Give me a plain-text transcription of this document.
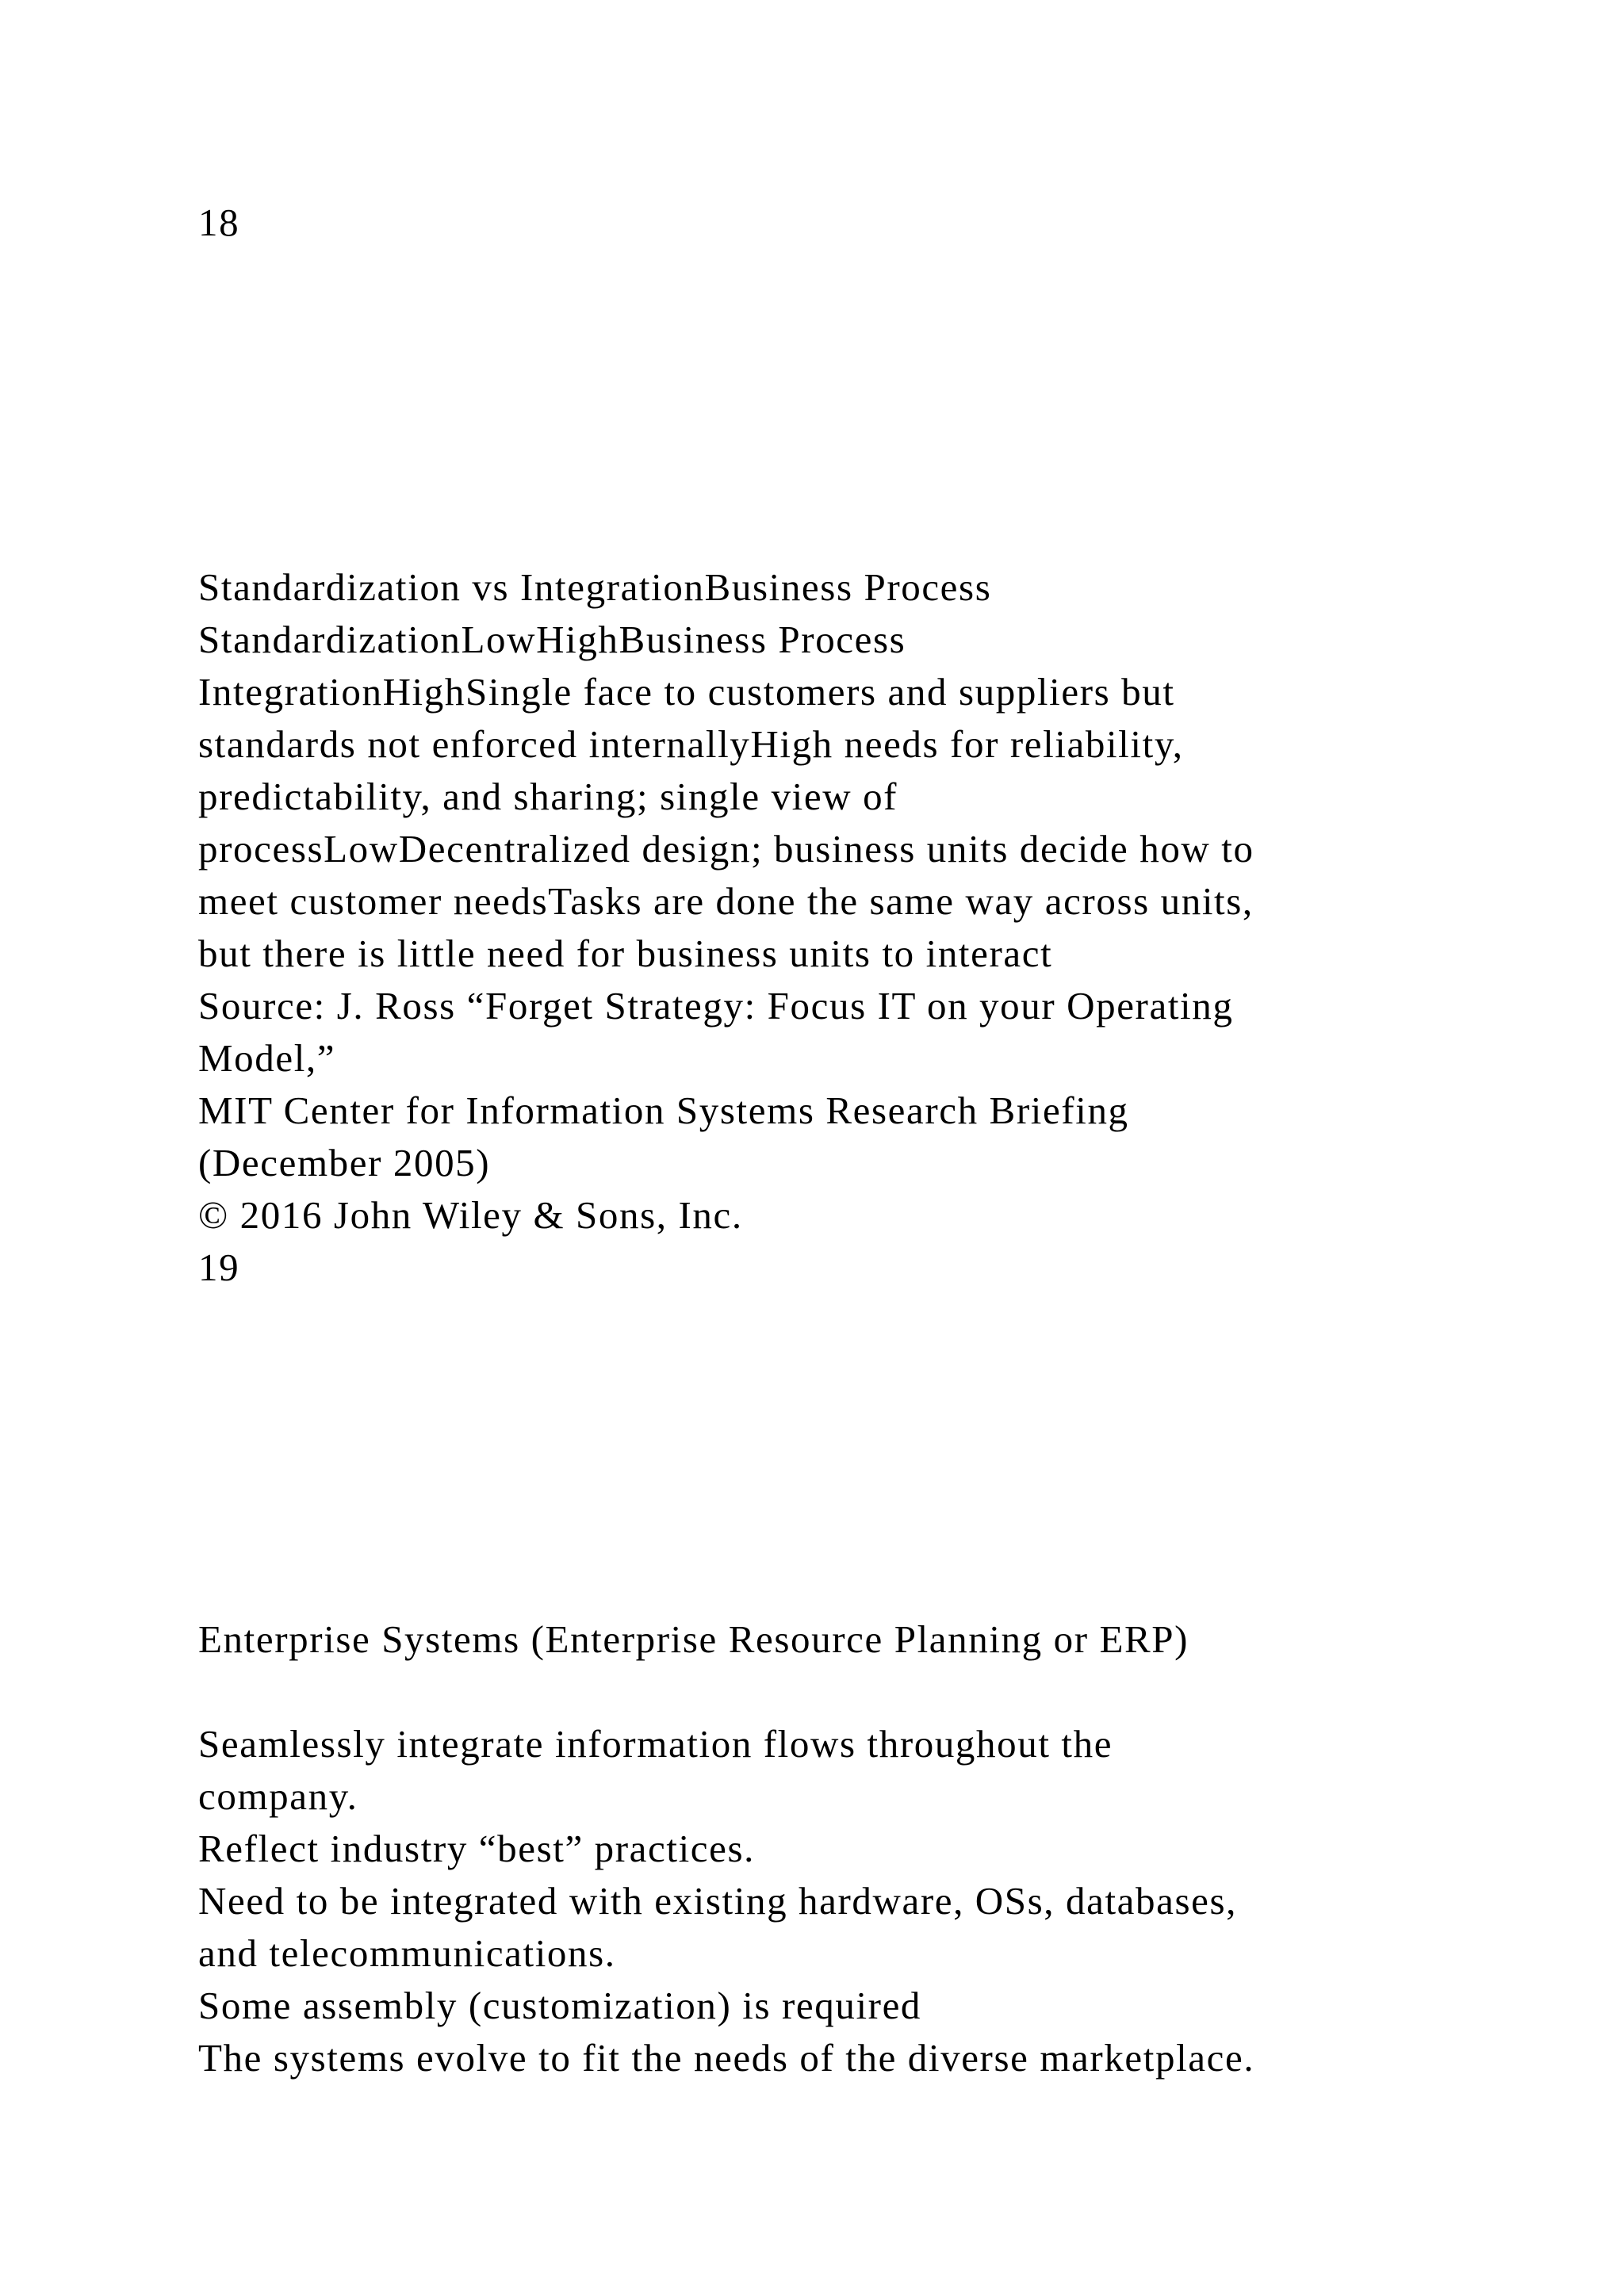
18
Standardization vs IntegrationBusiness Process
StandardizationLowHighBusiness Process
IntegrationHighSingle face to customers and suppliers but
standards not enforced internallyHigh needs for reliability,
predictability, and sharing; single view of
processLowDecentralized design; business units decide how to
meet customer needsTasks are done the same way across units,
but there is little need for business units to interact
Source: J. Ross “Forget Strategy: Focus IT on your Operating
Model,”
MIT Center for Information Systems Research Briefing
(December 2005)
© 2016 John Wiley & Sons, Inc.
19
Enterprise Systems (Enterprise Resource Planning or ERP)

Seamlessly integrate information flows throughout the
company.
Reflect industry “best” practices.
Need to be integrated with existing hardware, OSs, databases,
and telecommunications.
Some assembly (customization) is required
The systems evolve to fit the needs of the diverse marketplace.
